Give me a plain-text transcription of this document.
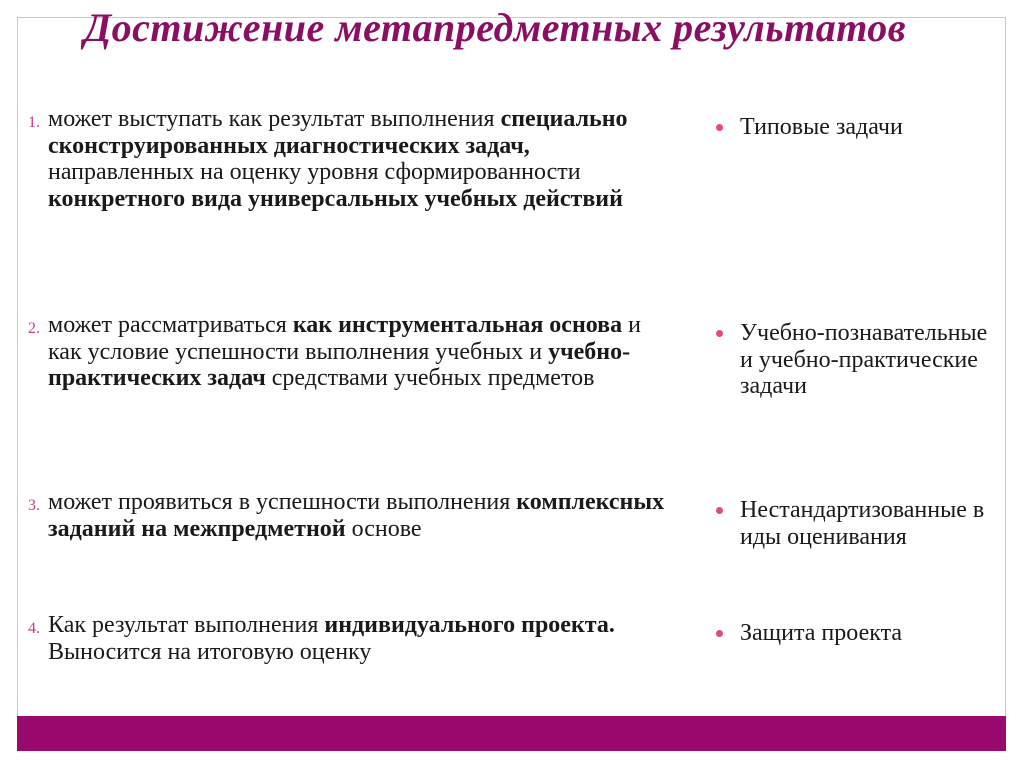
Достижение метапредметных результатов
1. может выступать как результат выполнения специально сконструированных диагностических задач, направленных на оценку уровня сформированности конкретного вида универсальных учебных действий
2. может рассматриваться как инструментальная основа и как условие успешности выполнения учебных и учебно-практических задач средствами учебных предметов
3. может проявиться в успешности выполнения комплексных заданий на межпредметной основе
4. Как результат выполнения индивидуального проекта. Выносится на итоговую оценку
Типовые задачи
Учебно-познавательные и учебно-практические задачи
Нестандартизованные виды оценивания
Защита проекта
